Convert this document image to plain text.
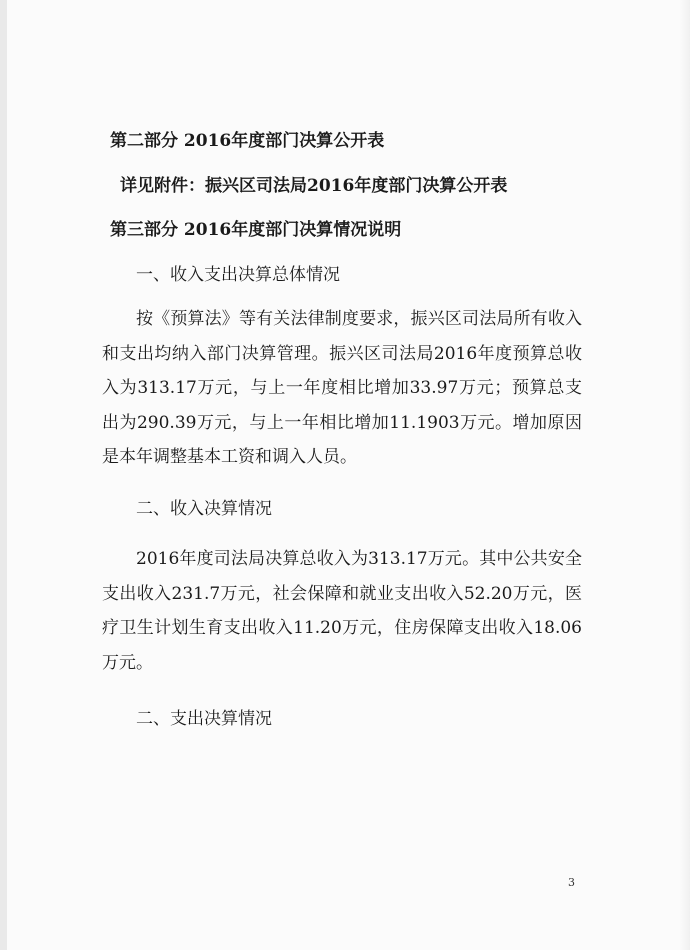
第二部分 2016年度部门决算公开表
详见附件：振兴区司法局2016年度部门决算公开表
第三部分 2016年度部门决算情况说明
一、收入支出决算总体情况
按《预算法》等有关法律制度要求，振兴区司法局所有收入和支出均纳入部门决算管理。振兴区司法局2016年度预算总收入为313.17万元，与上一年度相比增加33.97万元；预算总支出为290.39万元，与上一年相比增加11.1903万元。增加原因是本年调整基本工资和调入人员。
二、收入决算情况
2016年度司法局决算总收入为313.17万元。其中公共安全支出收入231.7万元，社会保障和就业支出收入52.20万元，医疗卫生计划生育支出收入11.20万元，住房保障支出收入18.06万元。
二、支出决算情况
3
